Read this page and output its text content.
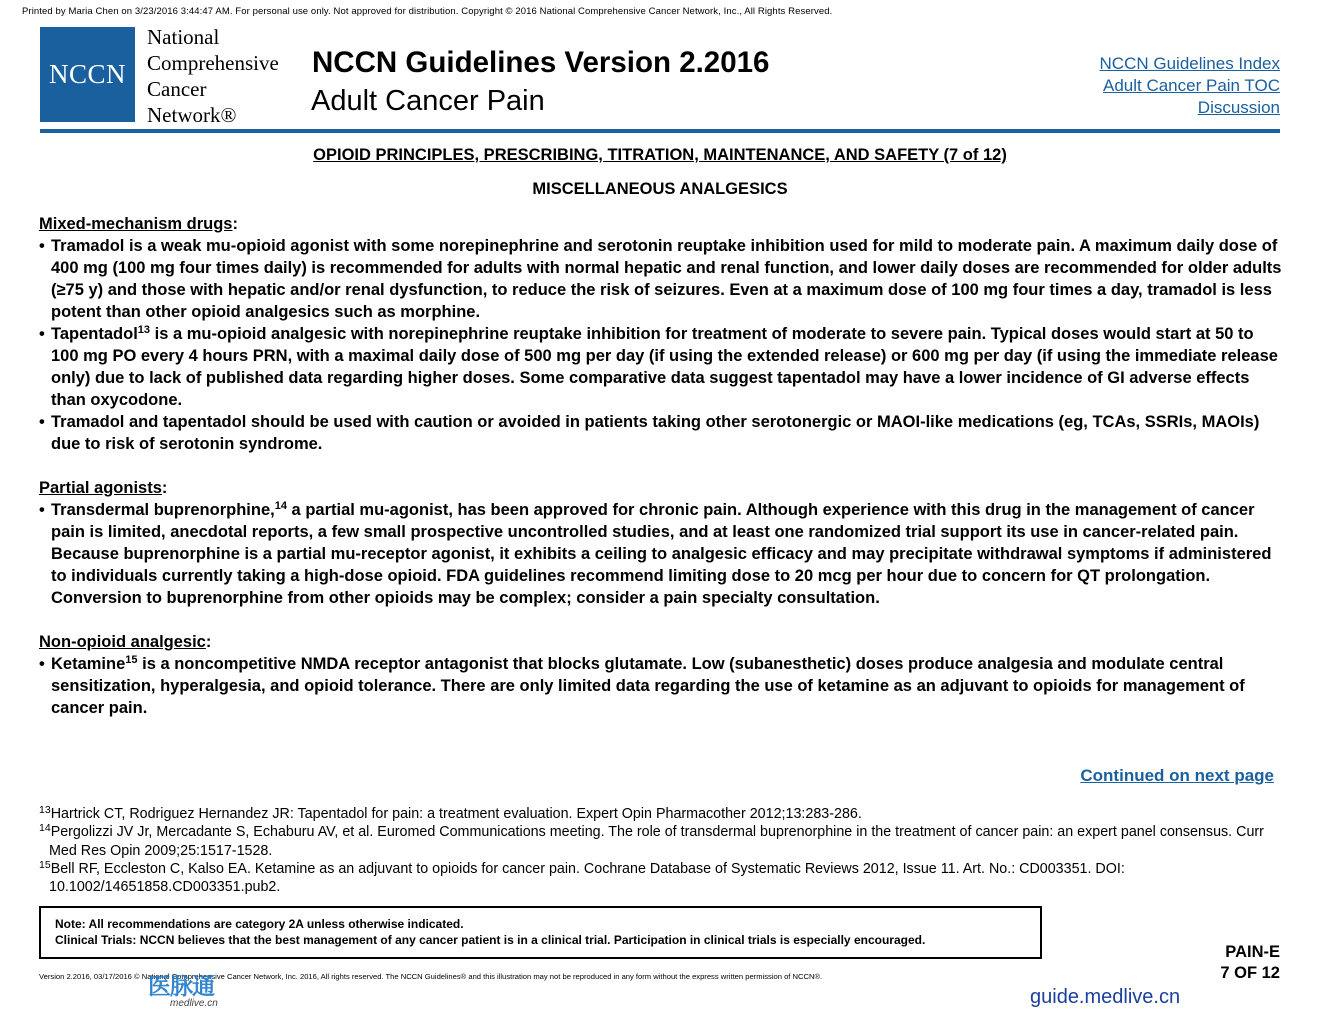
Printed by Maria Chen on 3/23/2016 3:44:47 AM. For personal use only. Not approved for distribution. Copyright © 2016 National Comprehensive Cancer Network, Inc., All Rights Reserved.
NCCN
National
Comprehensive
Cancer
Network®
NCCN Guidelines Version 2.2016
Adult Cancer Pain
NCCN Guidelines Index
Adult Cancer Pain TOC
Discussion
OPIOID PRINCIPLES, PRESCRIBING, TITRATION, MAINTENANCE, AND SAFETY (7 of 12)
MISCELLANEOUS ANALGESICS
Mixed-mechanism drugs:
• Tramadol is a weak mu-opioid agonist with some norepinephrine and serotonin reuptake inhibition used for mild to moderate pain. A maximum daily dose of 400 mg (100 mg four times daily) is recommended for adults with normal hepatic and renal function, and lower daily doses are recommended for older adults (≥75 y) and those with hepatic and/or renal dysfunction, to reduce the risk of seizures. Even at a maximum dose of 100 mg four times a day, tramadol is less potent than other opioid analgesics such as morphine.
• Tapentadol$^{13}$ is a mu-opioid analgesic with norepinephrine reuptake inhibition for treatment of moderate to severe pain. Typical doses would start at 50 to 100 mg PO every 4 hours PRN, with a maximal daily dose of 500 mg per day (if using the extended release) or 600 mg per day (if using the immediate release only) due to lack of published data regarding higher doses. Some comparative data suggest tapentadol may have a lower incidence of GI adverse effects than oxycodone.
• Tramadol and tapentadol should be used with caution or avoided in patients taking other serotonergic or MAOI-like medications (eg, TCAs, SSRIs, MAOIs) due to risk of serotonin syndrome.
Partial agonists:
• Transdermal buprenorphine,$^{14}$ a partial mu-agonist, has been approved for chronic pain. Although experience with this drug in the management of cancer pain is limited, anecdotal reports, a few small prospective uncontrolled studies, and at least one randomized trial support its use in cancer-related pain. Because buprenorphine is a partial mu-receptor agonist, it exhibits a ceiling to analgesic efficacy and may precipitate withdrawal symptoms if administered to individuals currently taking a high-dose opioid. FDA guidelines recommend limiting dose to 20 mcg per hour due to concern for QT prolongation. Conversion to buprenorphine from other opioids may be complex; consider a pain specialty consultation.
Non-opioid analgesic:
• Ketamine$^{15}$ is a noncompetitive NMDA receptor antagonist that blocks glutamate. Low (subanesthetic) doses produce analgesia and modulate central sensitization, hyperalgesia, and opioid tolerance. There are only limited data regarding the use of ketamine as an adjuvant to opioids for management of cancer pain.
Continued on next page
$^{13}$Hartrick CT, Rodriguez Hernandez JR: Tapentadol for pain: a treatment evaluation. Expert Opin Pharmacother 2012;13:283-286.
$^{14}$Pergolizzi JV Jr, Mercadante S, Echaburu AV, et al. Euromed Communications meeting. The role of transdermal buprenorphine in the treatment of cancer pain: an expert panel consensus. Curr Med Res Opin 2009;25:1517-1528.
$^{15}$Bell RF, Eccleston C, Kalso EA. Ketamine as an adjuvant to opioids for cancer pain. Cochrane Database of Systematic Reviews 2012, Issue 11. Art. No.: CD003351. DOI: 10.1002/14651858.CD003351.pub2.
Note: All recommendations are category 2A unless otherwise indicated.
Clinical Trials: NCCN believes that the best management of any cancer patient is in a clinical trial. Participation in clinical trials is especially encouraged.
PAIN-E
7 OF 12
Version 2.2016, 03/17/2016 © National Comprehensive Cancer Network, Inc. 2016, All rights reserved. The NCCN Guidelines® and this illustration may not be reproduced in any form without the express written permission of NCCN®.
医脉通
medlive.cn	guide.medlive.cn
